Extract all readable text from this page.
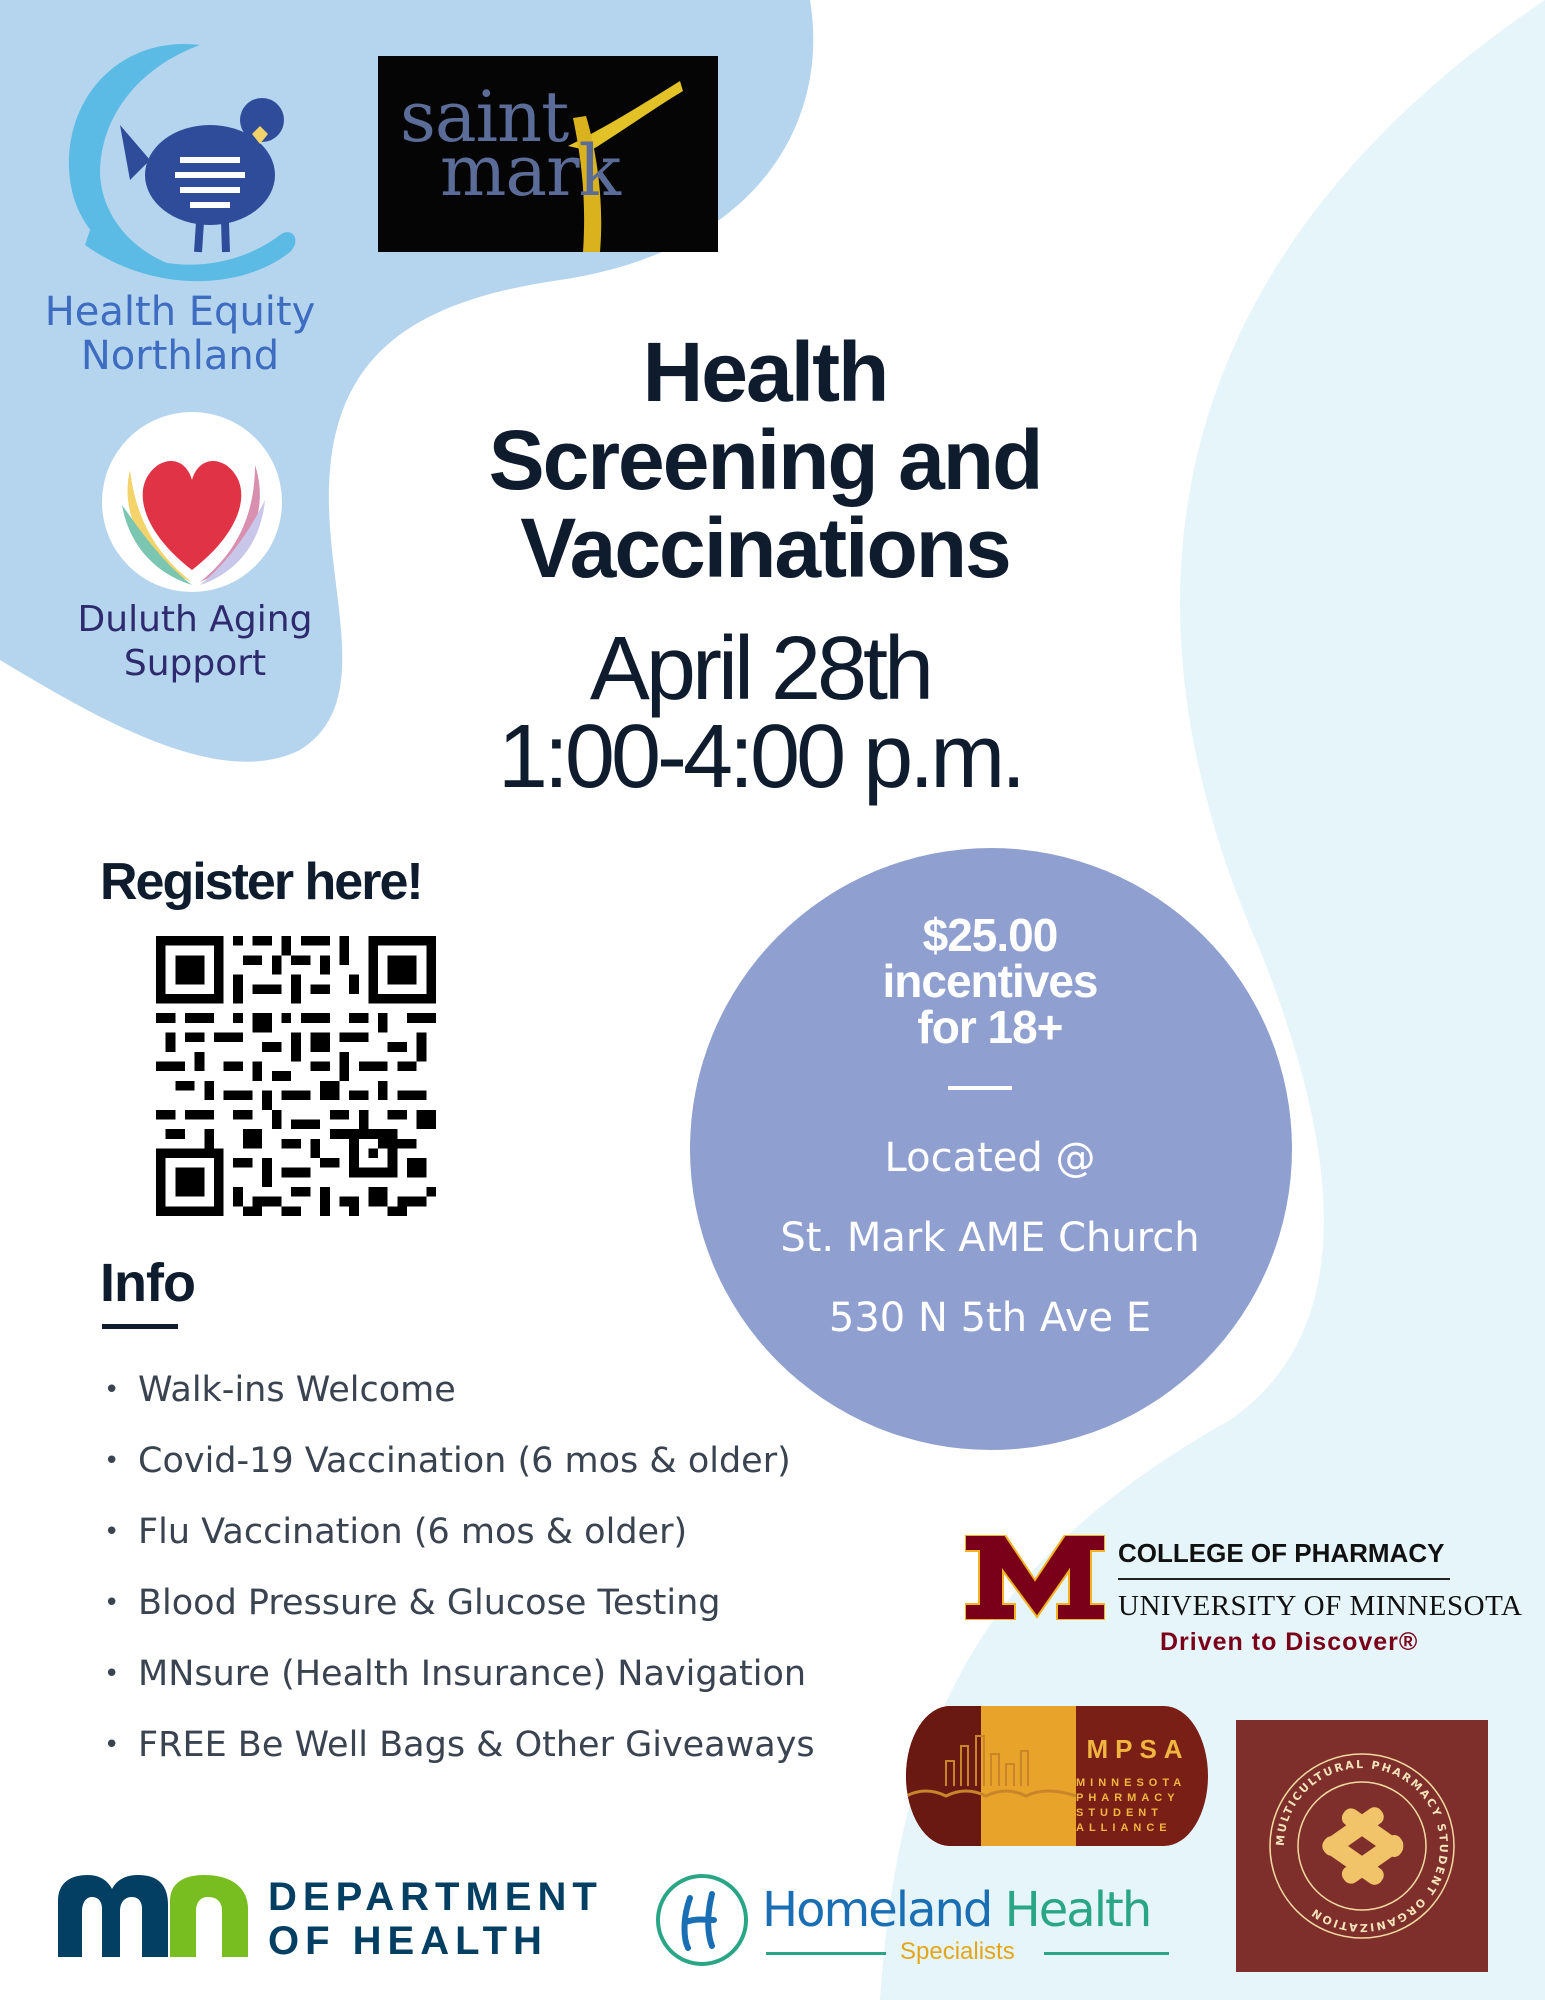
Health Equity
Northland
saint
mark
Duluth Aging
Support
Health
Screening and
Vaccinations
April 28th
1:00-4:00 p.m.
Register here!
Info
• Walk-ins Welcome
• Covid-19 Vaccination (6 mos & older)
• Flu Vaccination (6 mos & older)
• Blood Pressure & Glucose Testing
• MNsure (Health Insurance) Navigation
• FREE Be Well Bags & Other Giveaways
$25.00
incentives
for 18+
Located @
St. Mark AME Church
530 N 5th Ave E
COLLEGE OF PHARMACY
UNIVERSITY OF MINNESOTA
Driven to Discover®
MPSA
MINNESOTA
PHARMACY
STUDENT
ALLIANCE
MULTICULTURAL PHARMACY STUDENT ORGANIZATION
DEPARTMENT
OF HEALTH
Homeland Health
Specialists
